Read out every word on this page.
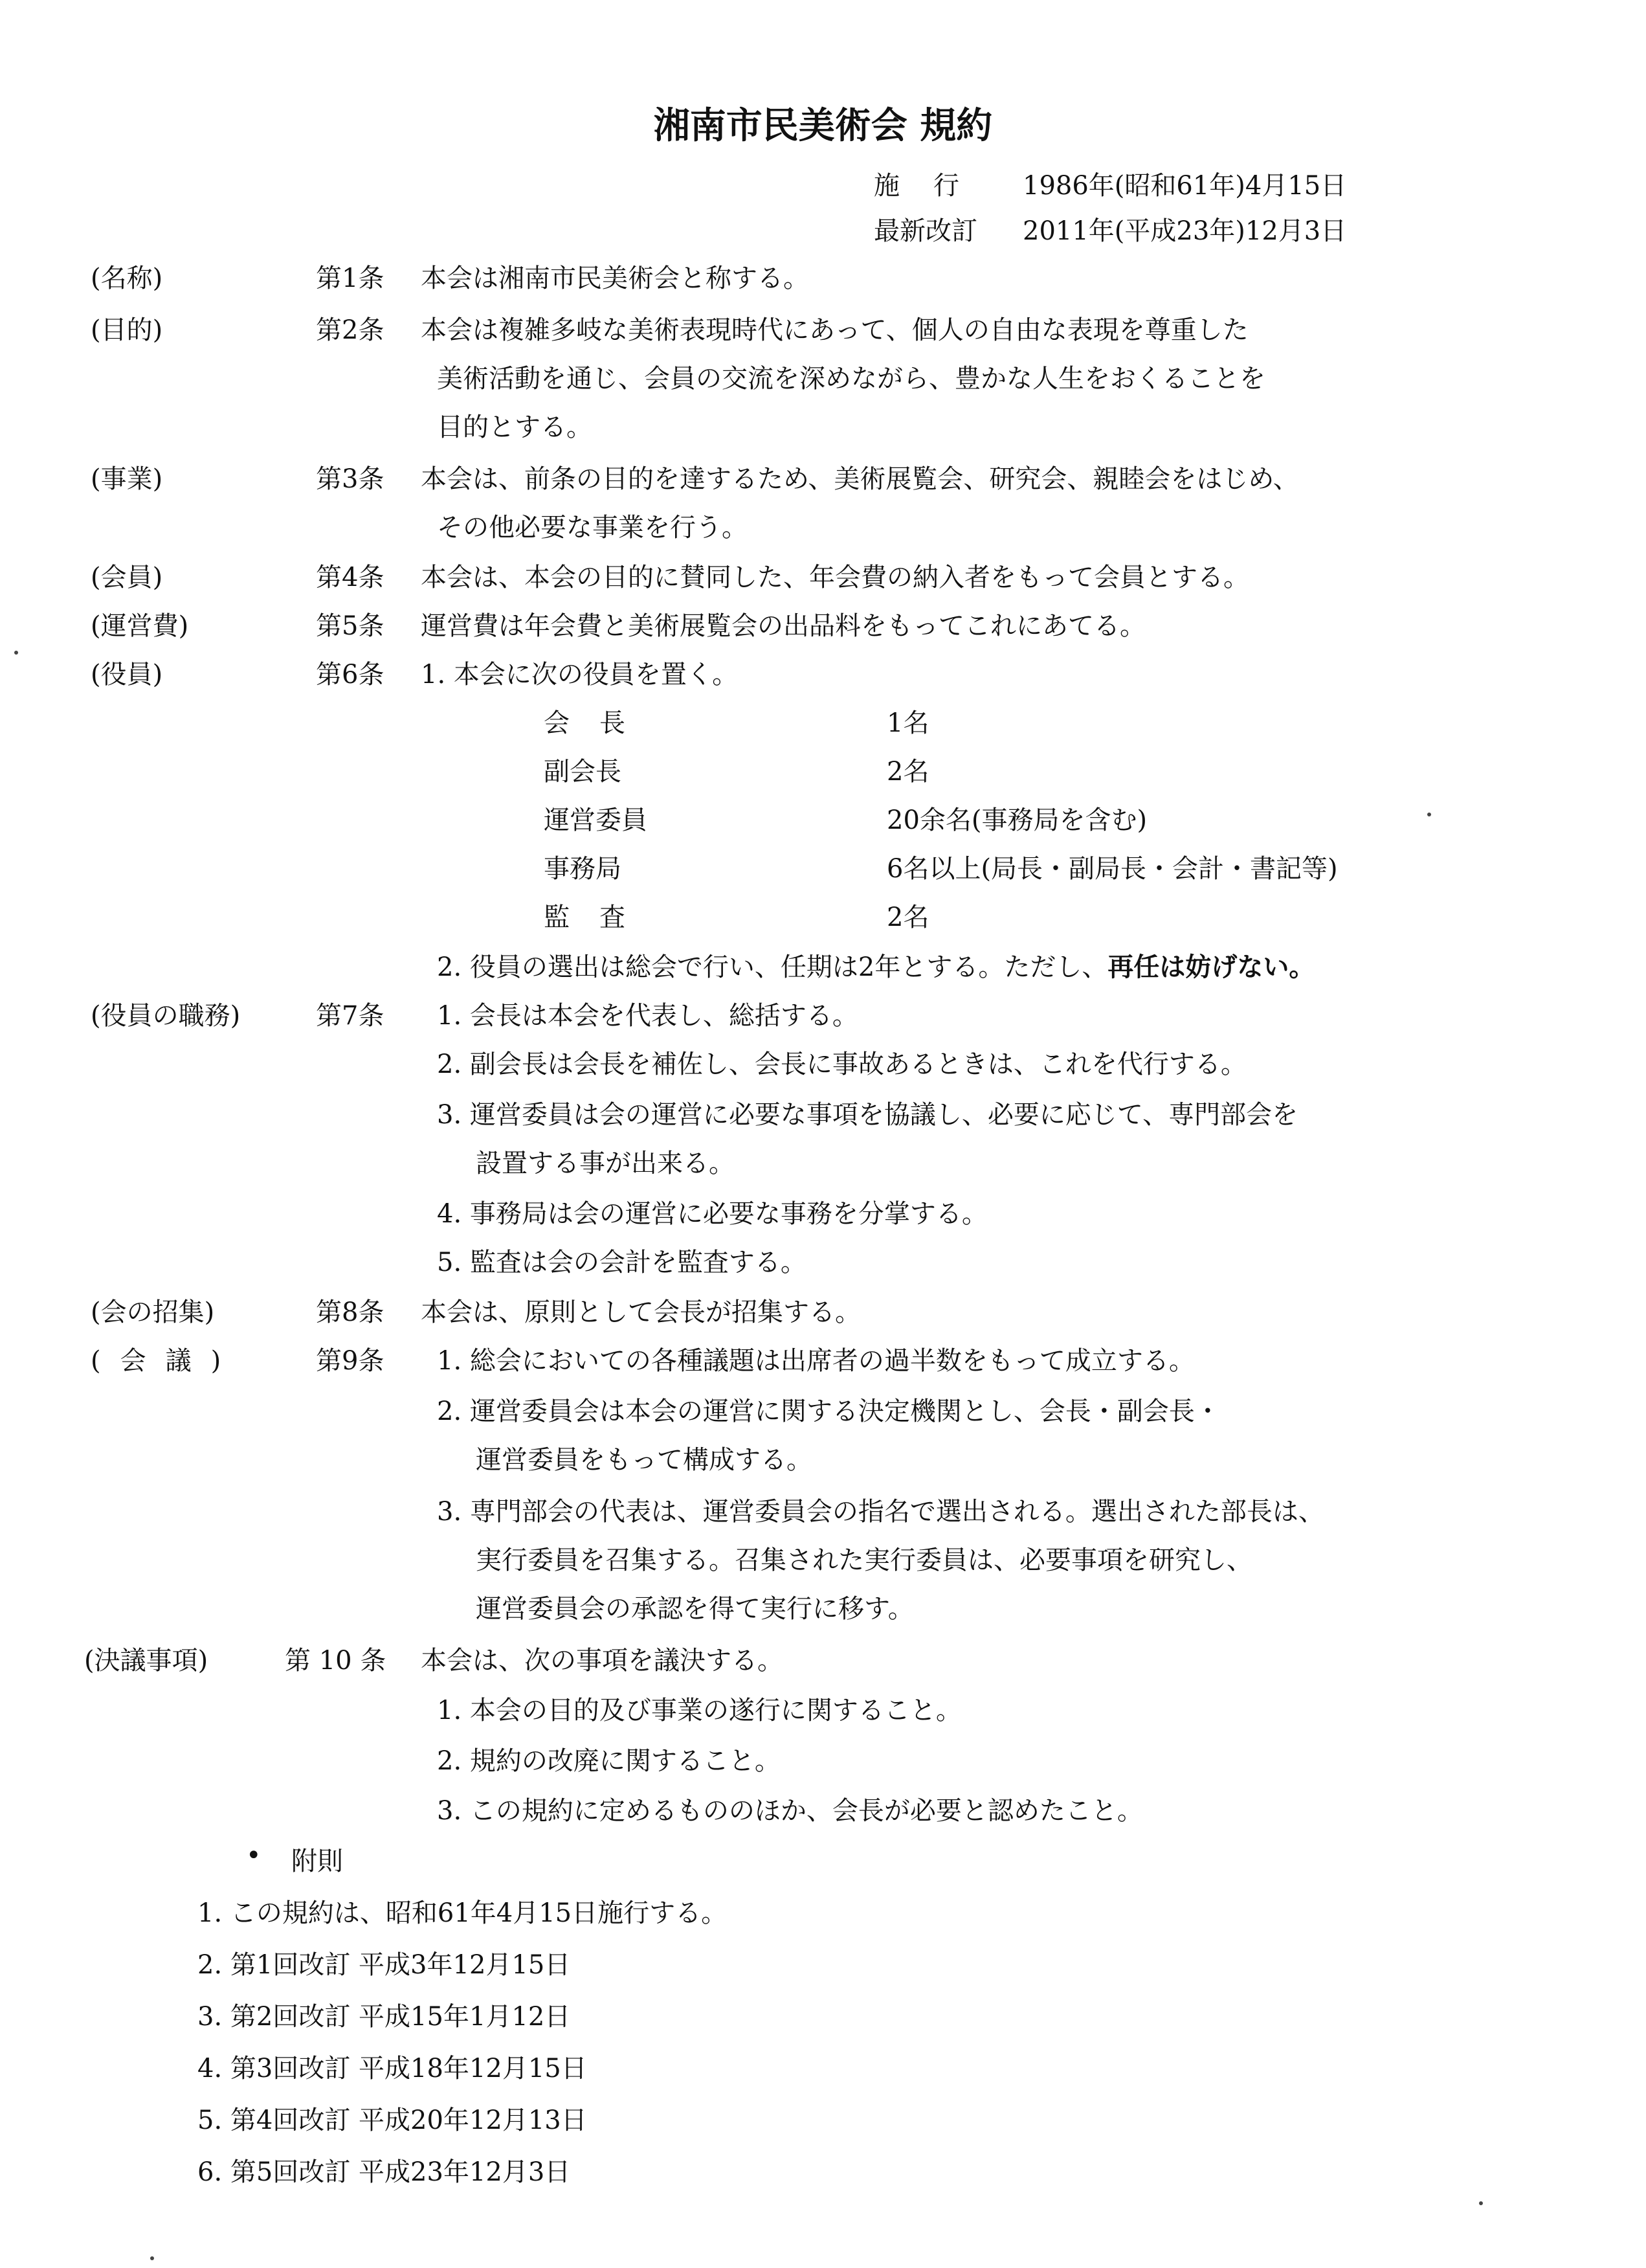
湘南市民美術会 規約
施行 1986年(昭和61年)4月15日
最新改訂 2011年(平成23年)12月3日
(名称)	第1条 本会は湘南市民美術会と称する。
(目的)	第2条 本会は複雑多岐な美術表現時代にあって、個人の自由な表現を尊重した
美術活動を通じ、会員の交流を深めながら、豊かな人生をおくることを
目的とする。
(事業)	第3条 本会は、前条の目的を達するため、美術展覧会、研究会、親睦会をはじめ、
その他必要な事業を行う。
(会員)	第4条 本会は、本会の目的に賛同した、年会費の納入者をもって会員とする。
(運営費)	第5条 運営費は年会費と美術展覧会の出品料をもってこれにあてる。
(役員)	第6条 1. 本会に次の役員を置く。
会長	1名
副会長	2名
運営委員	20余名(事務局を含む)
事務局	6名以上(局長・副局長・会計・書記等)
監査	2名
2. 役員の選出は総会で行い、任期は2年とする。ただし、再任は妨げない。
(役員の職務)	第7条 1. 会長は本会を代表し、総括する。
2. 副会長は会長を補佐し、会長に事故あるときは、これを代行する。
3. 運営委員は会の運営に必要な事項を協議し、必要に応じて、専門部会を
設置する事が出来る。
4. 事務局は会の運営に必要な事務を分掌する。
5. 監査は会の会計を監査する。
(会の招集)	第8条 本会は、原則として会長が招集する。
(会議)	第9条 1. 総会においての各種議題は出席者の過半数をもって成立する。
2. 運営委員会は本会の運営に関する決定機関とし、会長・副会長・
運営委員をもって構成する。
3. 専門部会の代表は、運営委員会の指名で選出される。選出された部長は、
実行委員を召集する。召集された実行委員は、必要事項を研究し、
運営委員会の承認を得て実行に移す。
(決議事項)	第 10 条 本会は、次の事項を議決する。
1. 本会の目的及び事業の遂行に関すること。
2. 規約の改廃に関すること。
3. この規約に定めるもののほか、会長が必要と認めたこと。
• 附則
1. この規約は、昭和61年4月15日施行する。
2. 第1回改訂 平成3年12月15日
3. 第2回改訂 平成15年1月12日
4. 第3回改訂 平成18年12月15日
5. 第4回改訂 平成20年12月13日
6. 第5回改訂 平成23年12月3日
